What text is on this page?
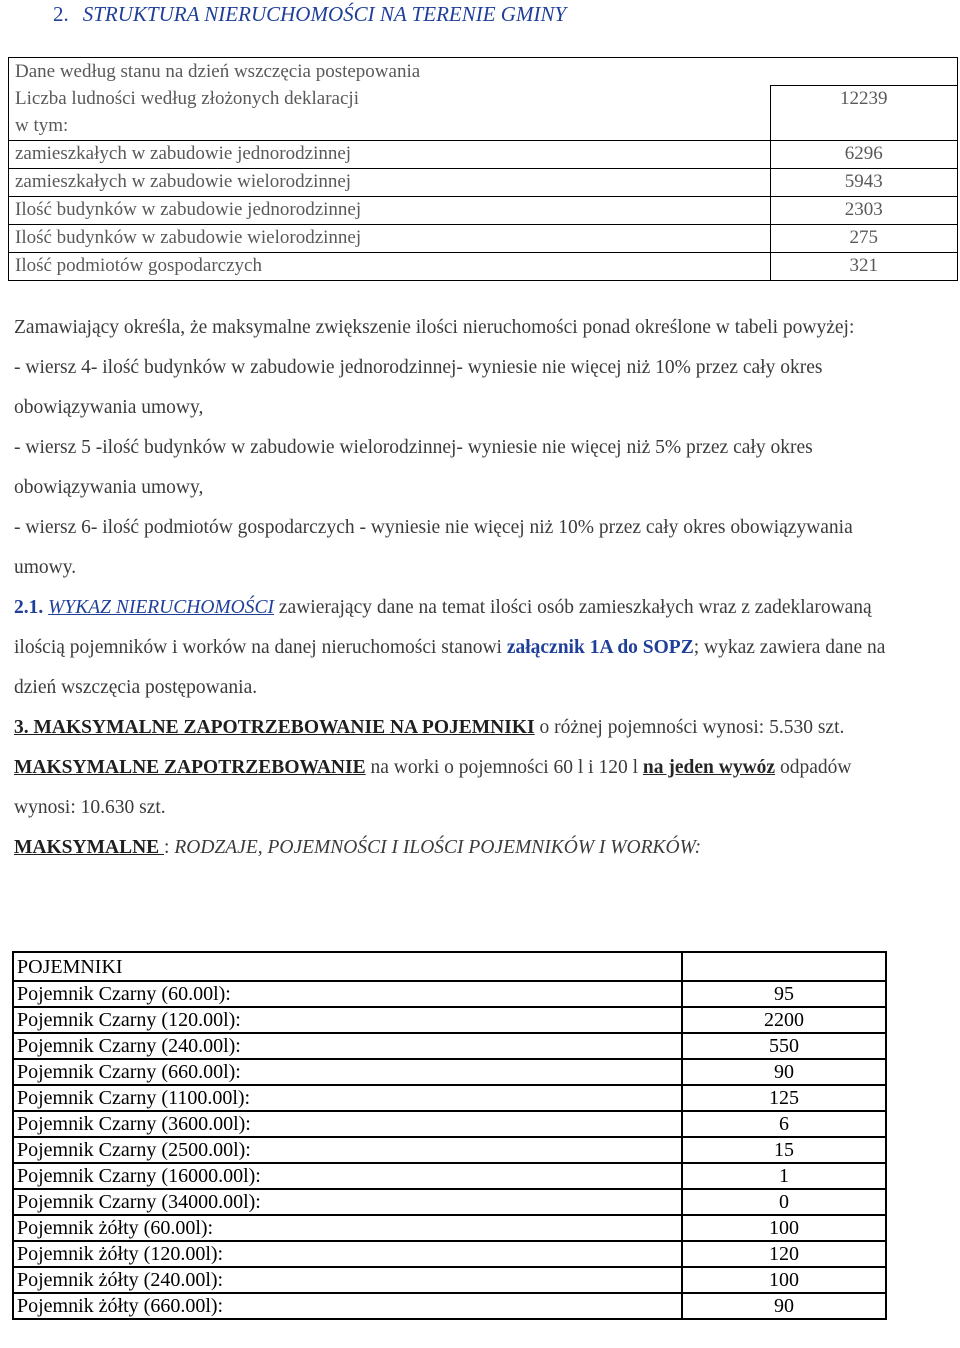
2. STRUKTURA NIERUCHOMOŚCI NA TERENIE GMINY
Dane według stanu na dzień wszczęcia postepowania	
Liczba ludności według złożonych deklaracji	12239
w tym:	
zamieszkałych w zabudowie jednorodzinnej	6296
zamieszkałych w zabudowie wielorodzinnej	5943
Ilość budynków w zabudowie jednorodzinnej	2303
Ilość budynków w zabudowie wielorodzinnej	275
Ilość podmiotów gospodarczych	321

Zamawiający określa, że maksymalne zwiększenie ilości nieruchomości ponad określone w tabeli powyżej:

- wiersz 4- ilość budynków w zabudowie jednorodzinnej- wyniesie nie więcej niż 10% przez cały okres obowiązywania umowy,

- wiersz 5 -ilość budynków w zabudowie wielorodzinnej- wyniesie nie więcej niż 5% przez cały okres obowiązywania umowy,

- wiersz 6- ilość podmiotów gospodarczych - wyniesie nie więcej niż 10% przez cały okres obowiązywania umowy.

2.1. WYKAZ NIERUCHOMOŚCI zawierający dane na temat ilości osób zamieszkałych wraz z zadeklarowaną ilością pojemników i worków na danej nieruchomości stanowi załącznik 1A do SOPZ; wykaz zawiera dane na dzień wszczęcia postępowania.

3. MAKSYMALNE ZAPOTRZEBOWANIE NA POJEMNIKI o różnej pojemności wynosi: 5.530 szt.

MAKSYMALNE ZAPOTRZEBOWANIE na worki o pojemności 60 l i 120 l na jeden wywóz odpadów wynosi: 10.630 szt.

MAKSYMALNE : RODZAJE, POJEMNOŚCI I ILOŚCI POJEMNIKÓW I WORKÓW:

POJEMNIKI	
Pojemnik Czarny (60.00l):	95
Pojemnik Czarny (120.00l):	2200
Pojemnik Czarny (240.00l):	550
Pojemnik Czarny (660.00l):	90
Pojemnik Czarny (1100.00l):	125
Pojemnik Czarny (3600.00l):	6
Pojemnik Czarny (2500.00l):	15
Pojemnik Czarny (16000.00l):	1
Pojemnik Czarny (34000.00l):	0
Pojemnik żółty (60.00l):	100
Pojemnik żółty (120.00l):	120
Pojemnik żółty (240.00l):	100
Pojemnik żółty (660.00l):	90
